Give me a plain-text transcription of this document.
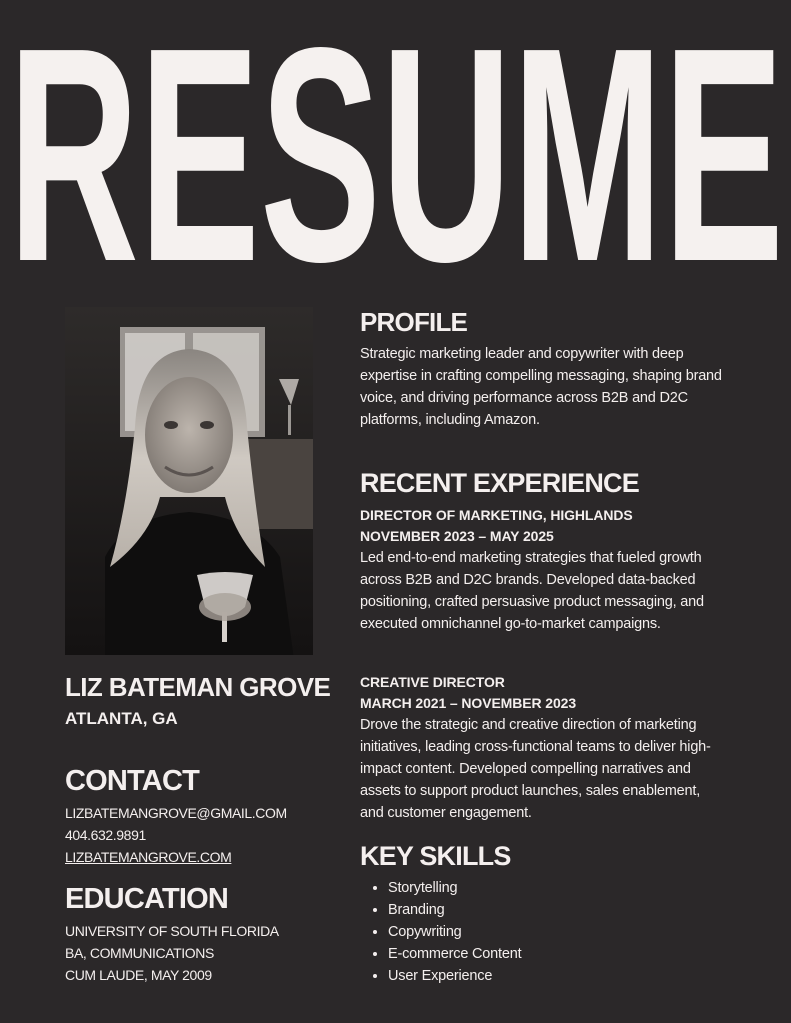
RESUME
LIZ BATEMAN GROVE
ATLANTA, GA
CONTACT
LIZBATEMANGROVE@GMAIL.COM
404.632.9891
LIZBATEMANGROVE.COM
EDUCATION
UNIVERSITY OF SOUTH FLORIDA
BA, COMMUNICATIONS
CUM LAUDE, MAY 2009
PROFILE
Strategic marketing leader and copywriter with deep expertise in crafting compelling messaging, shaping brand voice, and driving performance across B2B and D2C platforms, including Amazon.
RECENT EXPERIENCE
DIRECTOR OF MARKETING, HIGHLANDS
NOVEMBER 2023 – MAY 2025
Led end-to-end marketing strategies that fueled growth across B2B and D2C brands. Developed data-backed positioning, crafted persuasive product messaging, and executed omnichannel go-to-market campaigns.
CREATIVE DIRECTOR
MARCH 2021 – NOVEMBER 2023
Drove the strategic and creative direction of marketing initiatives, leading cross-functional teams to deliver high-impact content. Developed compelling narratives and assets to support product launches, sales enablement, and customer engagement.
KEY SKILLS
• Storytelling
• Branding
• Copywriting
• E-commerce Content
• User Experience
